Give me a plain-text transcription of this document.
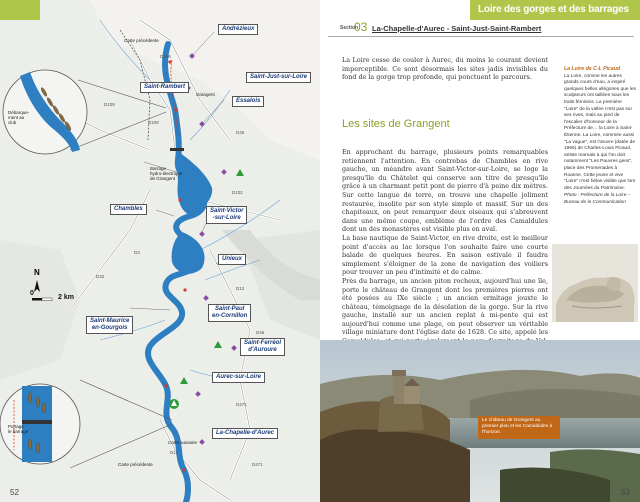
Andrézieux
Saint-Just-sur-Loire
Saint-Rambert
Essalois
Chambles	Saint-Victor
-sur-Loire
Unieux
Saint-Maurice
en-Gourgois
Saint-Paul
en-Cornillon
Saint-Ferréol
d'Auroure
Aurec-sur-Loire
La-Chapelle-d'Aurec
Carte précédente
Grangent
Barrage
hydro-électrique
de Grangent
Débarque-
ment au
club
Portage
le barrage
Carte suivante
Carte précédente
D498
D108
D109
D46
D102
D3
D32
D12
D46
D471
D12
D471
N
0
2 km
52
Loire des gorges et des barrages
Section
03 La-Chapelle-d'Aurec - Saint-Just-Saint-Rambert
La Loire cesse de couler à Aurec, du moins le courant devient imperceptible. Ce sont désormais les sites jadis invisibles du fond de la gorge trop profonde, qui ponctuent le parcours.
Les sites de Grangent

En approchant du barrage, plusieurs points remarquables retiennent l'attention. En contrebas de Chambles en rive gauche, un méandre avant Saint-Victor-sur-Loire, se loge la presqu'île du Châtelet qui conserve son titre de presqu'île grâce à un charmant petit pont de pierre d'à peine dix mètres. Sur cette langue de terre, on trouve une chapelle joliment restaurée, insolite par son style simple et massif. Sur un des chapiteaux, on peut remarquer deux oiseaux qui s'abreuvent dans une même coupe, emblème de l'ordre des Camaldules dont un des monastères est visible plus en aval.

La base nautique de Saint-Victor, en rive droite, est le meilleur point d'accès au lac lorsque l'on souhaite faire une courte balade de quelques heures. En saison estivale il faudra simplement s'éloigner de la zone de navigation des voiliers pour trouver un peu d'intimité et de calme.

Près du barrage, un ancien piton rocheux, aujourd'hui une île, porte le château de Grangent dont les premières pierres ont été posées au IXe siècle ; un ancien ermitage jouxte le château, témoignage de la désolation de la gorge. Sur la rive gauche, installé sur un ancien replat à mi-pente qui est aujourd'hui comme une plage, on peut observer un véritable village miniature dont l'église date de 1628. Ce site, appelé les

La Loire de C-L Picaud
La Loire, comme les autres grands cours d'eau, a inspiré quelques belles allégories que les sculpteurs ont taillées sous les traits féminins. La première "Loire" de la vallée n'est pas sur ses rives, mais au pied de l'escalier d'honneur de la Préfecture de… la Loire à Saint-Étienne. La Loire, nommée aussi "La vague", est l'œuvre (datée de 1966) de Charles-Louis Picaud, artiste marnais à qui l'on doit notamment "Les Pauvres gens", place des Promenades à Roanne. Cette jeune et vive "Loire" n'est hélas visible que lors des Journées du Patrimoine.
Photo : Préfecture de la Loire – Bureau de la Communication
Le château de Grangent au premier plan et les Camaldules à l'horizon.
53
